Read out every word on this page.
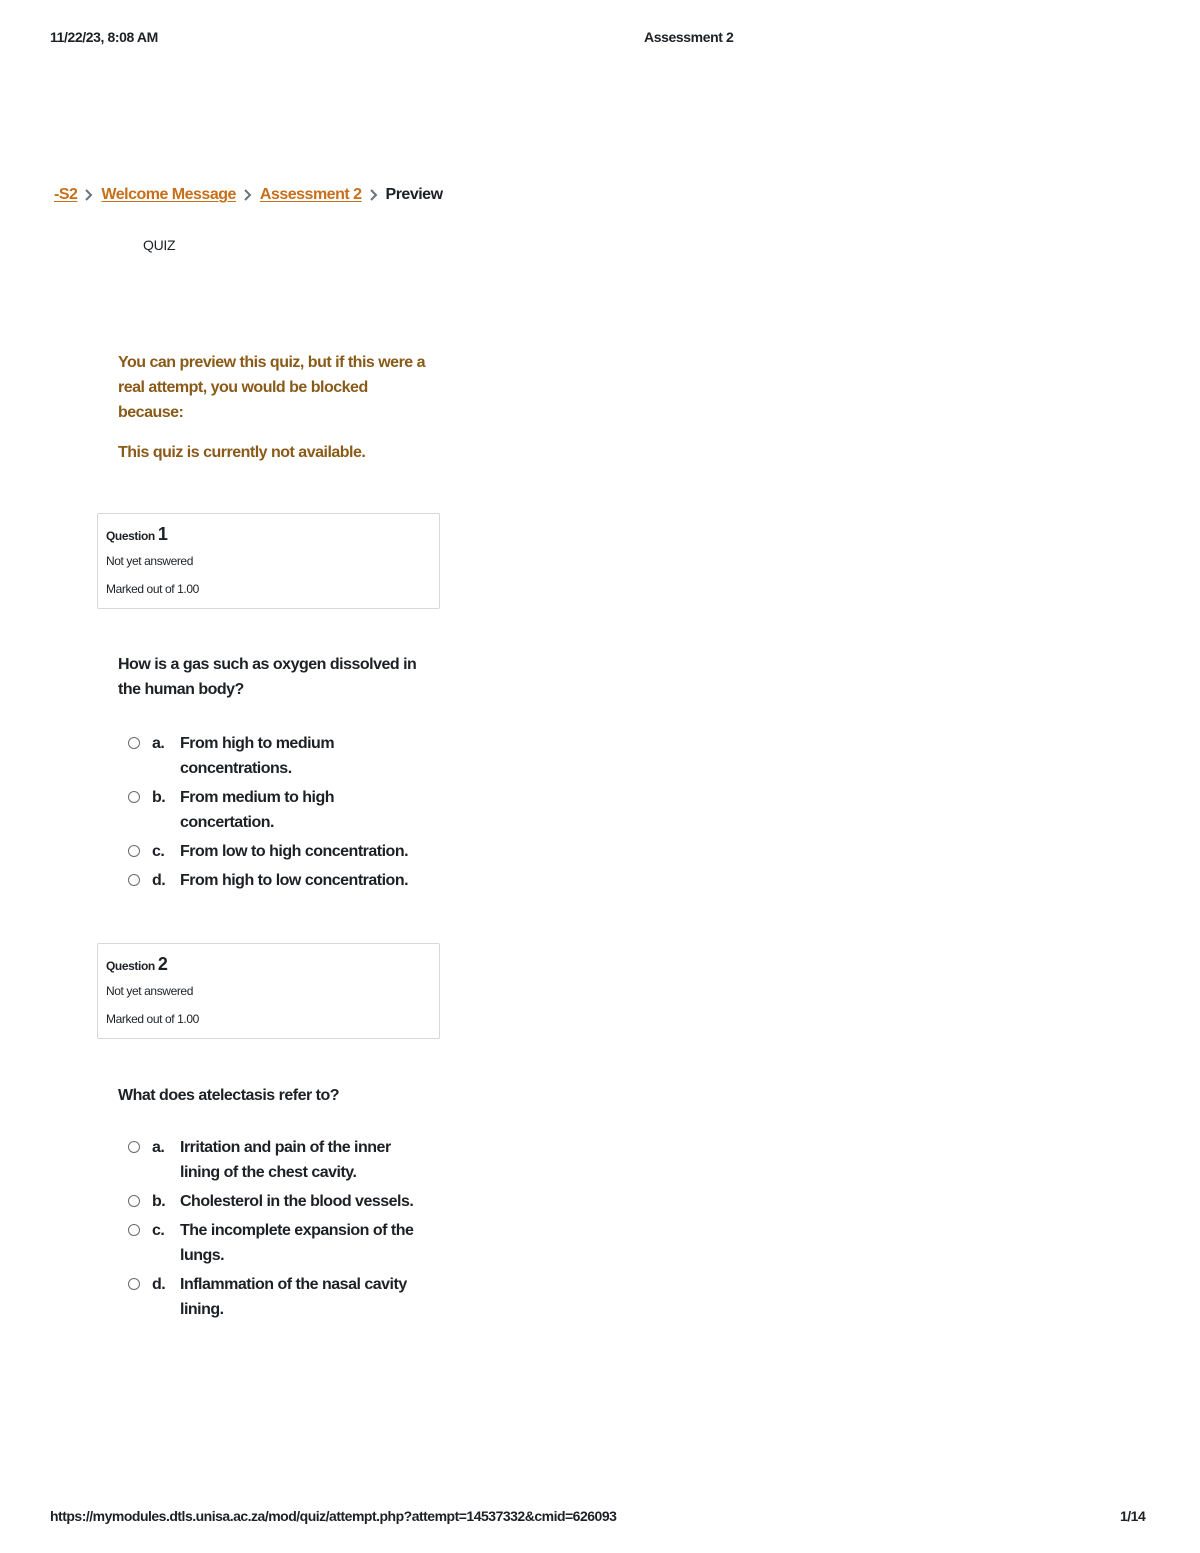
11/22/23, 8:08 AM	Assessment 2
-S2 Welcome Message Assessment 2 Preview
QUIZ

You can preview this quiz, but if this were a real attempt, you would be blocked because:

This quiz is currently not available.

Question 1
Not yet answered
Marked out of 1.00
How is a gas such as oxygen dissolved in the human body?
a. From high to medium concentrations.
b. From medium to high concertation.
c. From low to high concentration.
d. From high to low concentration.
Question 2
Not yet answered
Marked out of 1.00
What does atelectasis refer to?
a. Irritation and pain of the inner lining of the chest cavity.
b. Cholesterol in the blood vessels.
c. The incomplete expansion of the lungs.
d. Inflammation of the nasal cavity lining.
https://mymodules.dtls.unisa.ac.za/mod/quiz/attempt.php?attempt=14537332&cmid=626093	1/14
